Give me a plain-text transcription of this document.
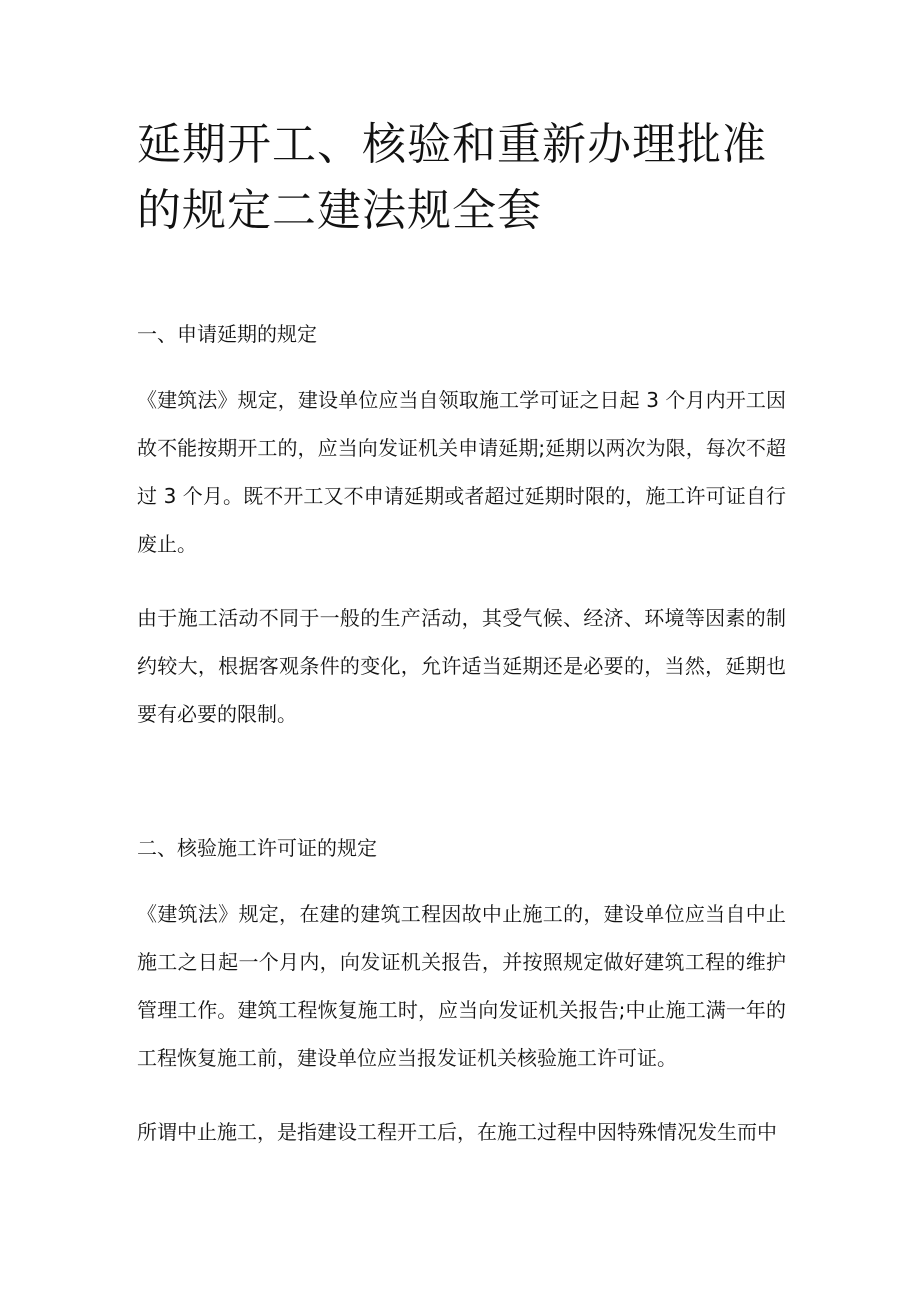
延期开工、核验和重新办理批准的规定二建法规全套
一、申请延期的规定

《建筑法》规定，建设单位应当自领取施工学可证之日起 3 个月内开工因故不能按期开工的，应当向发证机关申请延期;延期以两次为限，每次不超过 3 个月。既不开工又不申请延期或者超过延期时限的，施工许可证自行废止。

由于施工活动不同于一般的生产活动，其受气候、经济、环境等因素的制约较大，根据客观条件的变化，允许适当延期还是必要的，当然，延期也要有必要的限制。

二、核验施工许可证的规定

《建筑法》规定，在建的建筑工程因故中止施工的，建设单位应当自中止施工之日起一个月内，向发证机关报告，并按照规定做好建筑工程的维护管理工作。建筑工程恢复施工时，应当向发证机关报告;中止施工满一年的工程恢复施工前，建设单位应当报发证机关核验施工许可证。

所谓中止施工，是指建设工程开工后，在施工过程中因特殊情况发生而中
